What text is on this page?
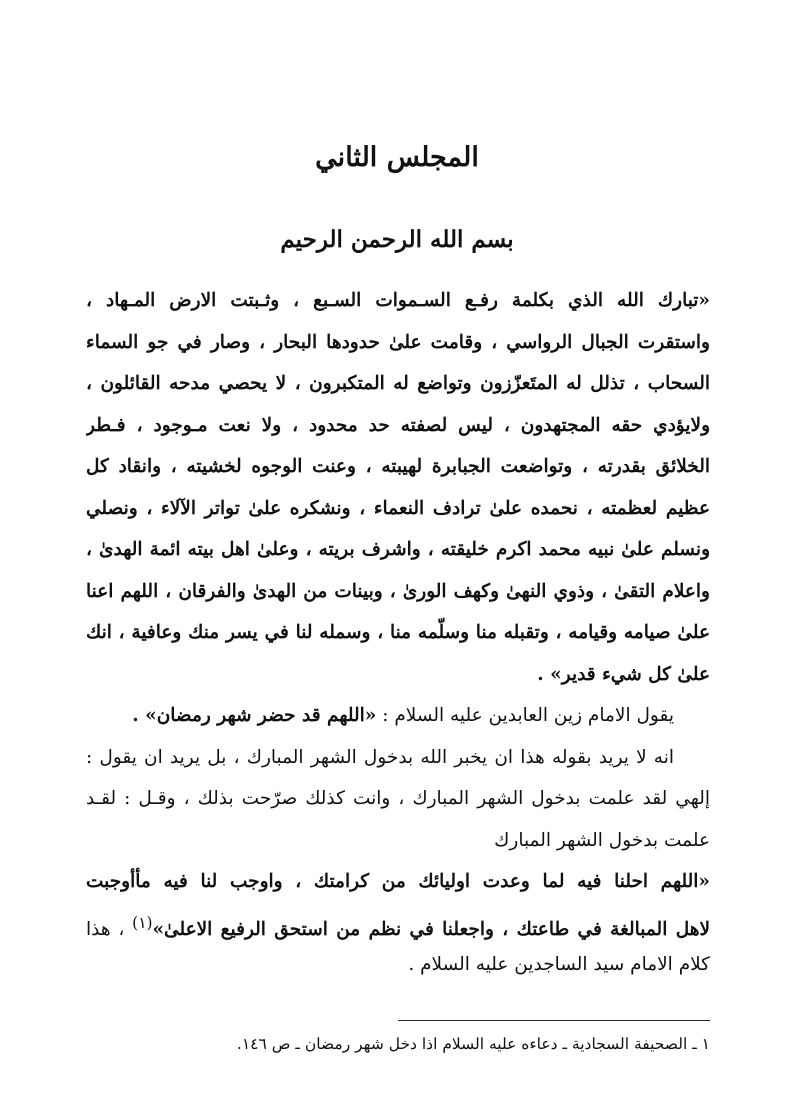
المجلس الثاني
بسم الله الرحمن الرحيم
«تبارك الله الذي بكلمة رفـع السـموات السـبع ، وثـبتت الارض المـهاد ،
واستقرت الجبال الرواسي ، وقامت علىٰ حدودها البحار ، وصار في جو السماء
السحاب ، تذلل له المتَعزّزون وتواضع له المتكبرون ، لا يحصي مدحه القائلون ،
ولايؤدي حقه المجتهدون ، ليس لصفته حد محدود ، ولا نعت مـوجود ، فـطر
الخلائق بقدرته ، وتواضعت الجبابرة لهيبته ، وعنت الوجوه لخشيته ، وانقاد كل
عظيم لعظمته ، نحمده علىٰ ترادف النعماء ، ونشكره علىٰ تواتر الآلاء ، ونصلي
ونسلم علىٰ نبيه محمد اكرم خليقته ، واشرف بريته ، وعلىٰ اهل بيته ائمة الهدىٰ ،
واعلام التقىٰ ، وذوي النهىٰ وكهف الورىٰ ، وبينات من الهدىٰ والفرقان ، اللهم اعنا
علىٰ صيامه وقيامه ، وتقبله منا وسلّمه منا ، وسمله لنا في يسر منك وعافية ، انك
علىٰ كل شيء قدير» .
يقول الامام زين العابدين عليه السلام : «اللهم قد حضر شهر رمضان» .
انه لا يريد بقوله هذا ان يخبر الله بدخول الشهر المبارك ، بل يريد ان يقول :
إلهي لقد علمت بدخول الشهر المبارك ، وانت كذلك صرّحت بذلك ، وقـل : لقـد
علمت بدخول الشهر المبارك
«اللهم احلنا فيه لما وعدت اوليائك من كرامتك ، واوجب لنا فيه مأأوجبت
لاهل المبالغة في طاعتك ، واجعلنا في نظم من استحق الرفيع الاعلىٰ»$^{(١)}$ ، هذا
كلام الامام سيد الساجدين عليه السلام .
١ ـ الصحيفة السجادية ـ دعاءه عليه السلام اذا دخل شهر رمضان ـ ص ١٤٦.
